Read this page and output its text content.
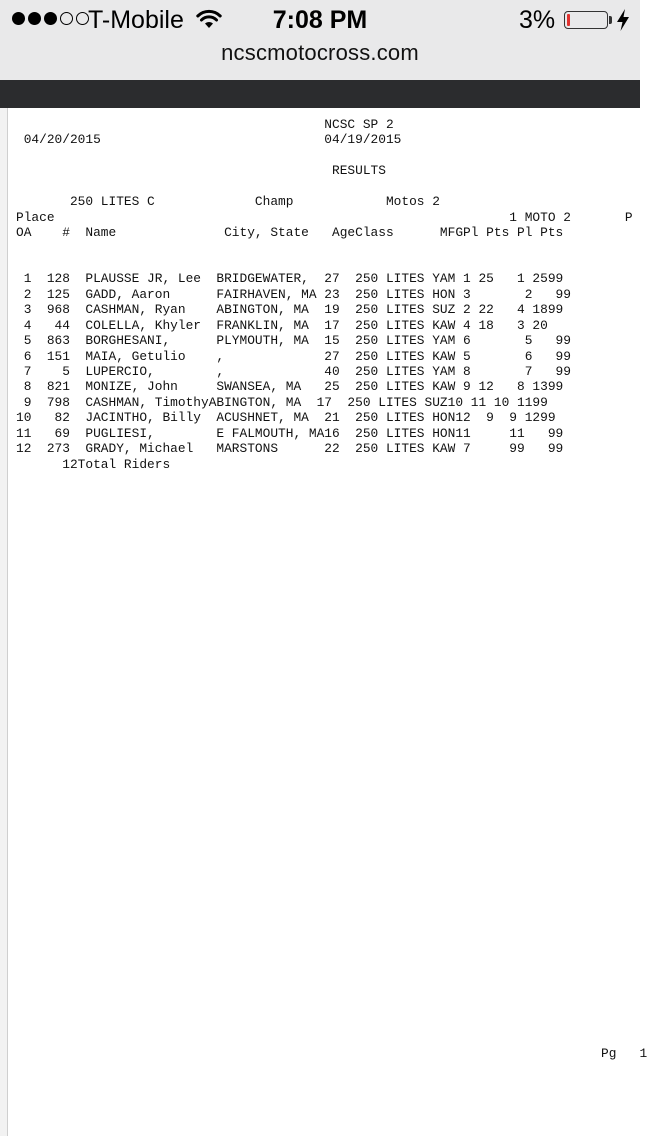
T-Mobile	7:08 PM	3%
ncscmotocross.com
NCSC SP 2
04/20/2015                             04/19/2015
RESULTS
250 LITES C             Champ            Motos 2
Place                                                           1 MOTO 2       P
OA    #  Name              City, State   AgeClass      MFGPl Pts Pl Pts
1  128  PLAUSSE JR, Lee  BRIDGEWATER,  27  250 LITES YAM 1 25   1 2599
2  125  GADD, Aaron      FAIRHAVEN, MA 23  250 LITES HON 3       2   99
3  968  CASHMAN, Ryan    ABINGTON, MA  19  250 LITES SUZ 2 22   4 1899
4   44  COLELLA, Khyler  FRANKLIN, MA  17  250 LITES KAW 4 18   3 20
5  863  BORGHESANI,      PLYMOUTH, MA  15  250 LITES YAM 6       5   99
6  151  MAIA, Getulio    ,             27  250 LITES KAW 5       6   99
7    5  LUPERCIO,        ,             40  250 LITES YAM 8       7   99
8  821  MONIZE, John     SWANSEA, MA   25  250 LITES KAW 9 12   8 1399
9  798  CASHMAN, TimothyABINGTON, MA  17  250 LITES SUZ10 11 10 1199
10   82  JACINTHO, Billy  ACUSHNET, MA  21  250 LITES HON12  9  9 1299
11   69  PUGLIESI,        E FALMOUTH, MA16  250 LITES HON11     11   99
12  273  GRADY, Michael   MARSTONS      22  250 LITES KAW 7     99   99
12Total Riders
Pg   1
